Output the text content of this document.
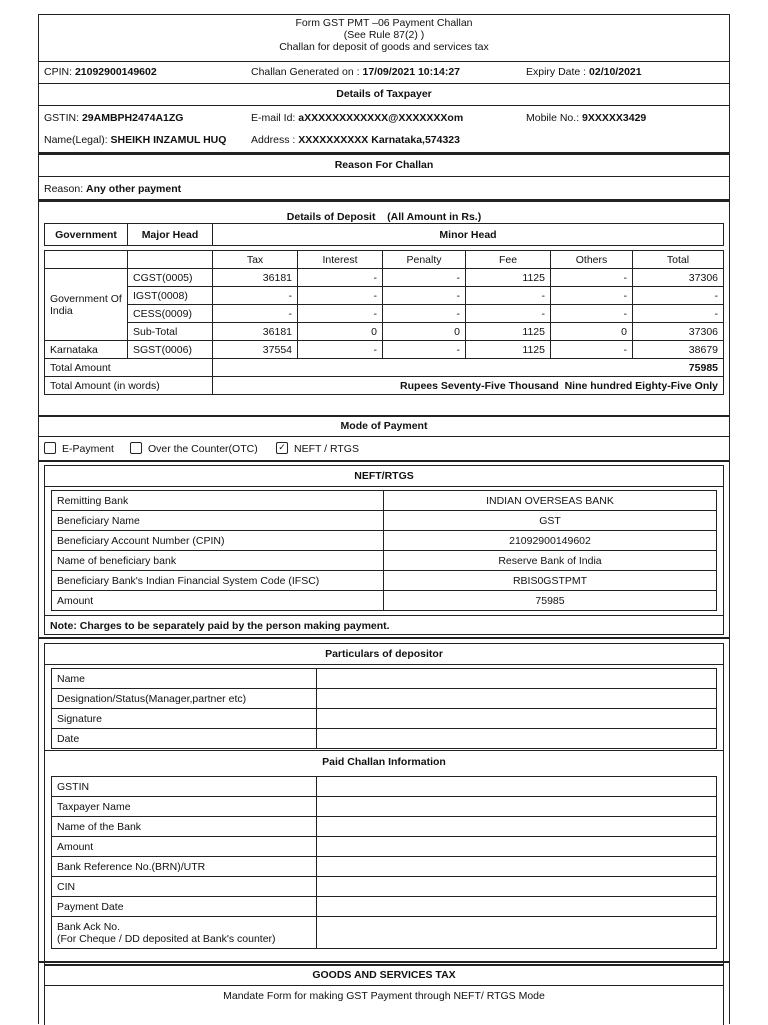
Form GST PMT –06 Payment Challan
(See Rule 87(2) )
Challan for deposit of goods and services tax
CPIN: 21092900149602	Challan Generated on : 17/09/2021 10:14:27	Expiry Date : 02/10/2021
Details of Taxpayer
GSTIN: 29AMBPH2474A1ZG	E-mail Id: aXXXXXXXXXXXX@XXXXXXXom	Mobile No.: 9XXXXX3429
Name(Legal): SHEIKH INZAMUL HUQ Address : XXXXXXXXXX Karnataka,574323
Reason For Challan
Reason: Any other payment
Details of Deposit (All Amount in Rs.)
Government	Major Head	Minor Head
		Tax	Interest	Penalty	Fee	Others	Total
Government Of India	CGST(0005)	36181	-	-	1125	-	37306
	IGST(0008)	-	-	-	-	-	-
	CESS(0009)	-	-	-	-	-	-
	Sub-Total	36181	0	0	1125	0	37306
Karnataka	SGST(0006)	37554	-	-	1125	-	38679
Total Amount		75985					
Total Amount (in words)		Rupees Seventy-Five Thousand  Nine hundred Eighty-Five Only					
Mode of Payment
E-Payment	Over the Counter(OTC) ✓ NEFT / RTGS
NEFT/RTGS
Remitting Bank	INDIAN OVERSEAS BANK
Beneficiary Name	GST
Beneficiary Account Number (CPIN)	21092900149602
Name of beneficiary bank	Reserve Bank of India
Beneficiary Bank's Indian Financial System Code (IFSC)	RBIS0GSTPMT
Amount	75985
Note: Charges to be separately paid by the person making payment.
Particulars of depositor
Name	
Designation/Status(Manager,partner etc)	
Signature	
Date	
Paid Challan Information
GSTIN	
Taxpayer Name	
Name of the Bank	
Amount	
Bank Reference No.(BRN)/UTR	
CIN	
Payment Date	

Bank Ack No.
(For Cheque / DD deposited at Bank's counter)	

GOODS AND SERVICES TAX
Mandate Form for making GST Payment through NEFT/ RTGS Mode
